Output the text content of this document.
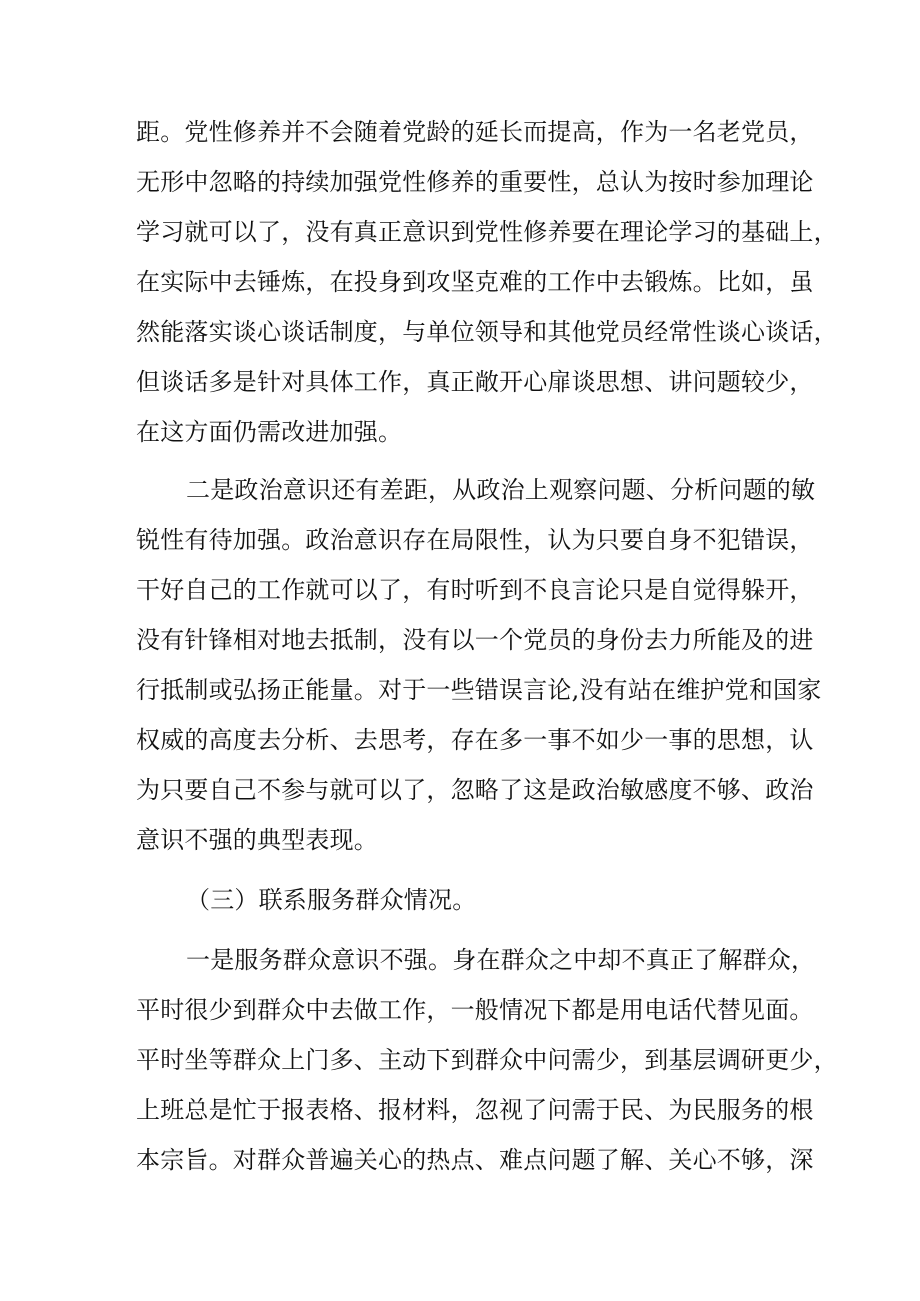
距。党性修养并不会随着党龄的延长而提高，作为一名老党员，
无形中忽略的持续加强党性修养的重要性，总认为按时参加理论
学习就可以了，没有真正意识到党性修养要在理论学习的基础上，
在实际中去锤炼，在投身到攻坚克难的工作中去锻炼。比如，虽
然能落实谈心谈话制度，与单位领导和其他党员经常性谈心谈话，
但谈话多是针对具体工作，真正敞开心扉谈思想、讲问题较少，
在这方面仍需改进加强。
二是政治意识还有差距，从政治上观察问题、分析问题的敏
锐性有待加强。政治意识存在局限性，认为只要自身不犯错误，
干好自己的工作就可以了，有时听到不良言论只是自觉得躲开，
没有针锋相对地去抵制，没有以一个党员的身份去力所能及的进
行抵制或弘扬正能量。对于一些错误言论,没有站在维护党和国家
权威的高度去分析、去思考，存在多一事不如少一事的思想，认
为只要自己不参与就可以了，忽略了这是政治敏感度不够、政治
意识不强的典型表现。
（三）联系服务群众情况。
一是服务群众意识不强。身在群众之中却不真正了解群众，
平时很少到群众中去做工作，一般情况下都是用电话代替见面。
平时坐等群众上门多、主动下到群众中问需少，到基层调研更少，
上班总是忙于报表格、报材料，忽视了问需于民、为民服务的根
本宗旨。对群众普遍关心的热点、难点问题了解、关心不够，深
